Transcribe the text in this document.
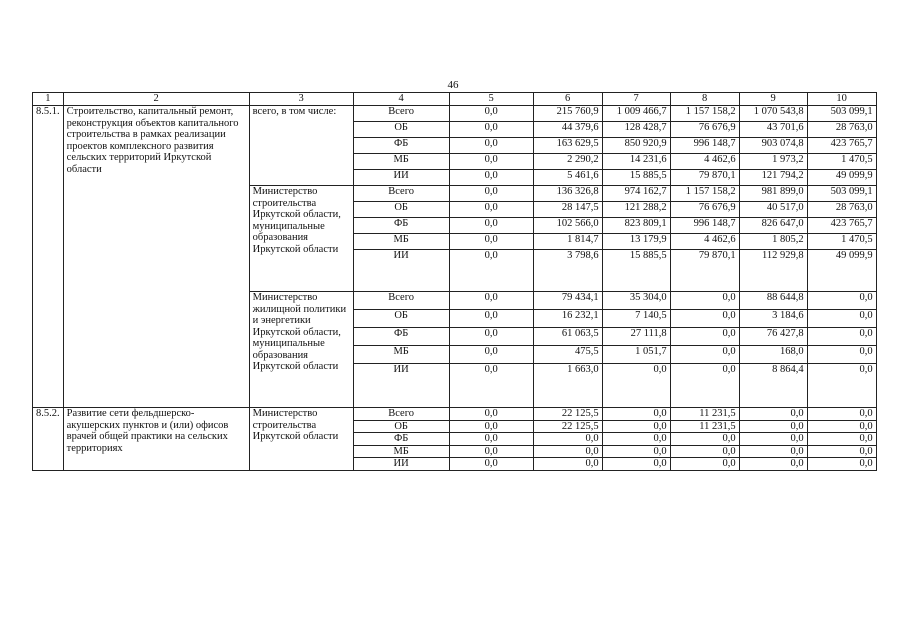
46
1	2	3	4	5	6	7	8	9	10
8.5.1.	Строительство, капитальный ремонт, реконструкция объектов капитального строительства в рамках реализации проектов комплексного развития сельских территорий Иркутской области	всего, в том числе:	Всего	0,0	215 760,9	1 009 466,7	1 157 158,2	1 070 543,8	503 099,1
			ОБ	0,0	44 379,6	128 428,7	76 676,9	43 701,6	28 763,0
			ФБ	0,0	163 629,5	850 920,9	996 148,7	903 074,8	423 765,7
			МБ	0,0	2 290,2	14 231,6	4 462,6	1 973,2	1 470,5
			ИИ	0,0	5 461,6	15 885,5	79 870,1	121 794,2	49 099,9
		Министерство строительства Иркутской области, муниципальные образования Иркутской области	Всего	0,0	136 326,8	974 162,7	1 157 158,2	981 899,0	503 099,1
			ОБ	0,0	28 147,5	121 288,2	76 676,9	40 517,0	28 763,0
			ФБ	0,0	102 566,0	823 809,1	996 148,7	826 647,0	423 765,7
			МБ	0,0	1 814,7	13 179,9	4 462,6	1 805,2	1 470,5
			ИИ	0,0	3 798,6	15 885,5	79 870,1	112 929,8	49 099,9
		Министерство жилищной политики и энергетики Иркутской области, муниципальные образования Иркутской области	Всего	0,0	79 434,1	35 304,0	0,0	88 644,8	0,0
			ОБ	0,0	16 232,1	7 140,5	0,0	3 184,6	0,0
			ФБ	0,0	61 063,5	27 111,8	0,0	76 427,8	0,0
			МБ	0,0	475,5	1 051,7	0,0	168,0	0,0
			ИИ	0,0	1 663,0	0,0	0,0	8 864,4	0,0
8.5.2.	Развитие сети фельдшерско-акушерских пунктов и (или) офисов врачей общей практики на сельских территориях	Министерство строительства Иркутской области	Всего	0,0	22 125,5	0,0	11 231,5	0,0	0,0
			ОБ	0,0	22 125,5	0,0	11 231,5	0,0	0,0
			ФБ	0,0	0,0	0,0	0,0	0,0	0,0
			МБ	0,0	0,0	0,0	0,0	0,0	0,0
			ИИ	0,0	0,0	0,0	0,0	0,0	0,0
